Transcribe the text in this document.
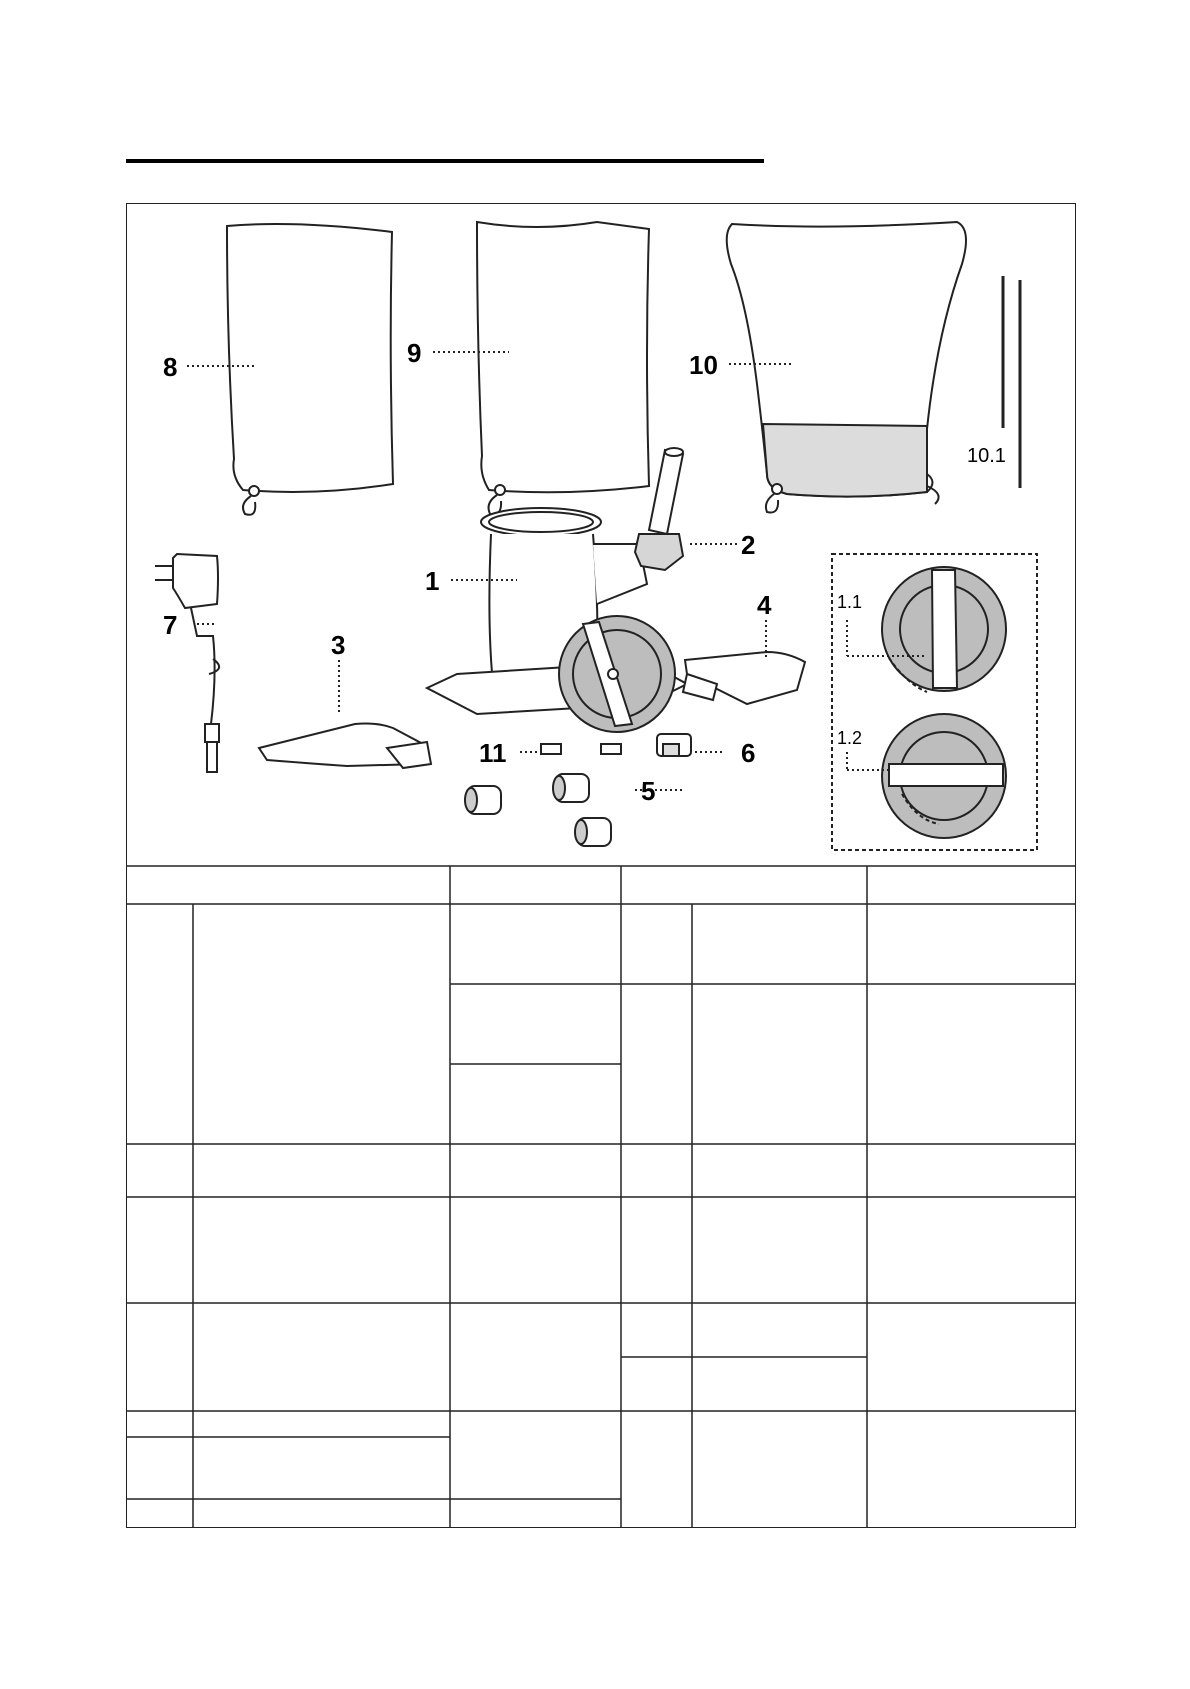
8	9	10
10.1
1
2
7
3
4
11	6
5
1.1
1.2
